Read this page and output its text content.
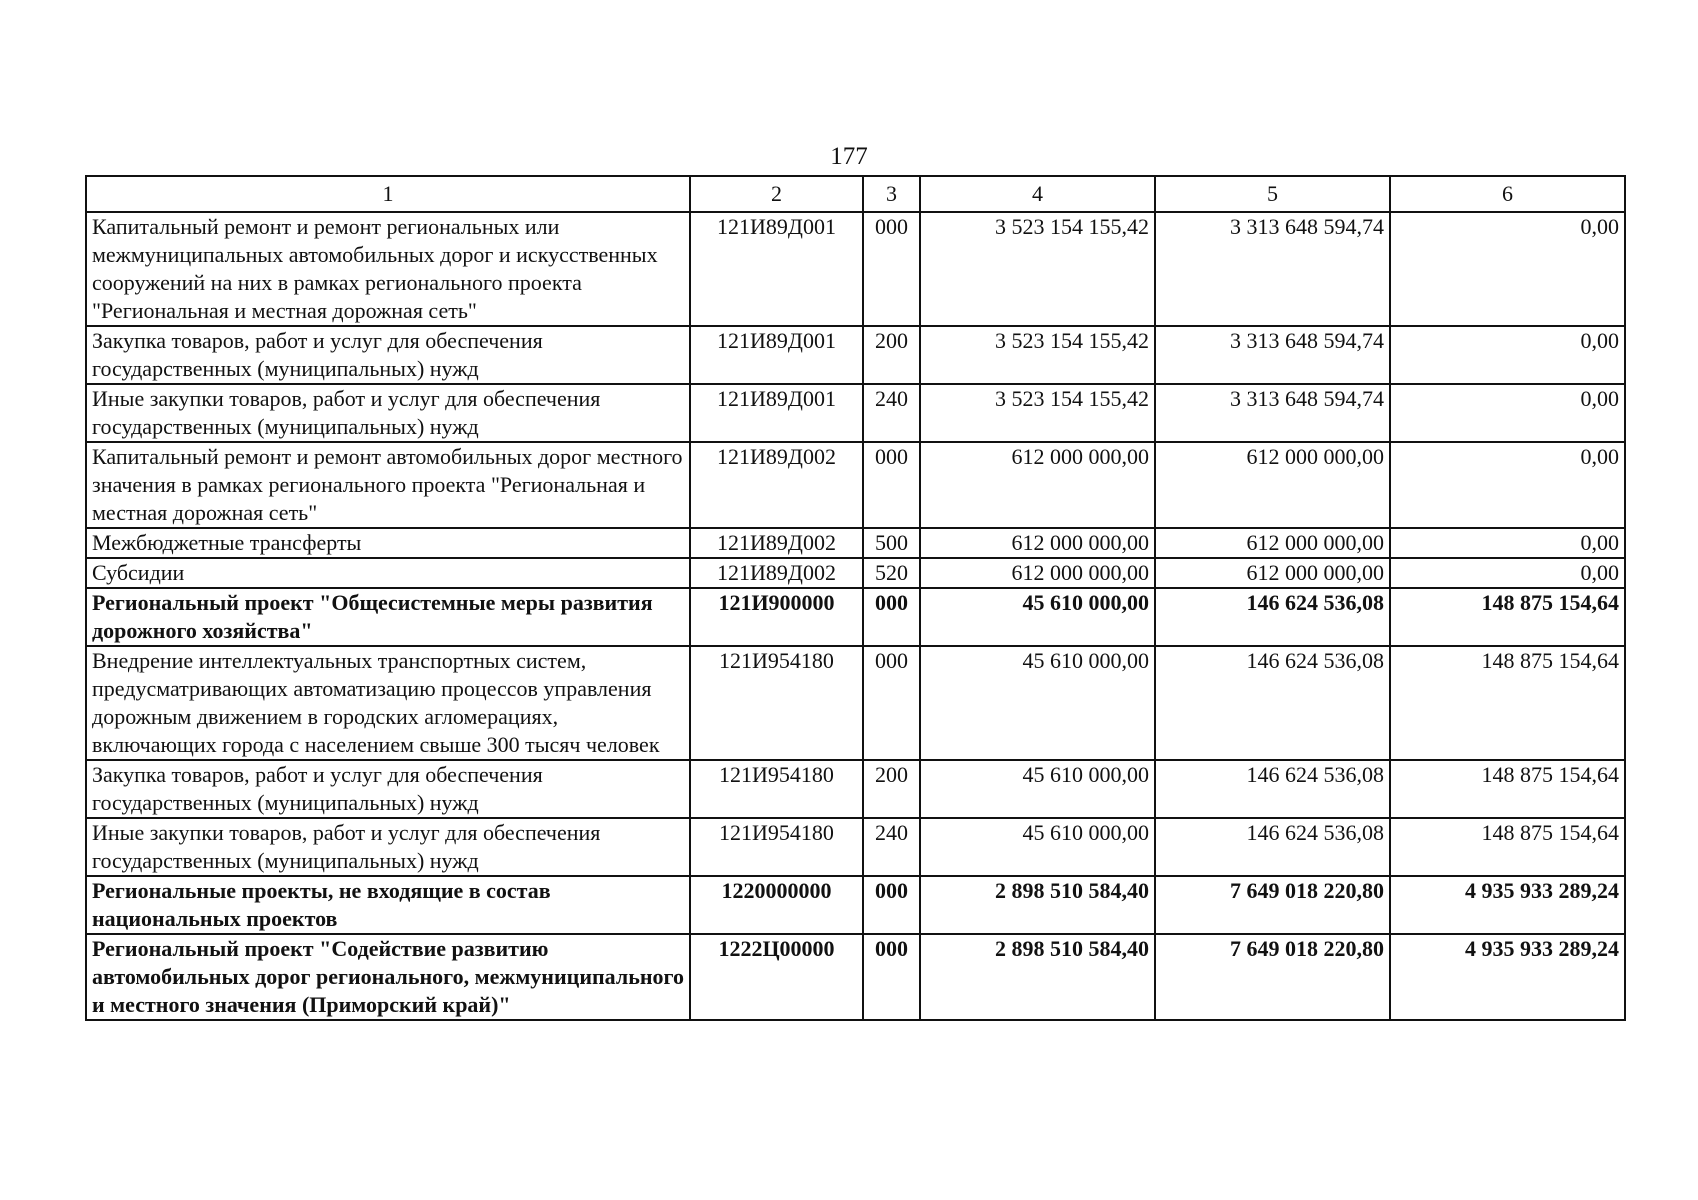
177
1	2	3	4	5	6
Капитальный ремонт и ремонт региональных или межмуниципальных автомобильных дорог и искусственных сооружений на них в рамках регионального проекта "Региональная и местная дорожная сеть"	121И89Д001	000	3 523 154 155,42	3 313 648 594,74	0,00
Закупка товаров, работ и услуг для обеспечения государственных (муниципальных) нужд	121И89Д001	200	3 523 154 155,42	3 313 648 594,74	0,00
Иные закупки товаров, работ и услуг для обеспечения государственных (муниципальных) нужд	121И89Д001	240	3 523 154 155,42	3 313 648 594,74	0,00
Капитальный ремонт и ремонт автомобильных дорог местного значения в рамках регионального проекта "Региональная и местная дорожная сеть"	121И89Д002	000	612 000 000,00	612 000 000,00	0,00
Межбюджетные трансферты	121И89Д002	500	612 000 000,00	612 000 000,00	0,00
Субсидии	121И89Д002	520	612 000 000,00	612 000 000,00	0,00
Региональный проект "Общесистемные меры развития дорожного хозяйства"	121И900000	000	45 610 000,00	146 624 536,08	148 875 154,64
Внедрение интеллектуальных транспортных систем, предусматривающих автоматизацию процессов управления дорожным движением в городских агломерациях, включающих города с населением свыше 300 тысяч человек	121И954180	000	45 610 000,00	146 624 536,08	148 875 154,64
Закупка товаров, работ и услуг для обеспечения государственных (муниципальных) нужд	121И954180	200	45 610 000,00	146 624 536,08	148 875 154,64
Иные закупки товаров, работ и услуг для обеспечения государственных (муниципальных) нужд	121И954180	240	45 610 000,00	146 624 536,08	148 875 154,64
Региональные проекты, не входящие в состав национальных проектов	1220000000	000	2 898 510 584,40	7 649 018 220,80	4 935 933 289,24
Региональный проект "Содействие развитию автомобильных дорог регионального, межмуниципального и местного значения (Приморский край)"	1222Ц00000	000	2 898 510 584,40	7 649 018 220,80	4 935 933 289,24
